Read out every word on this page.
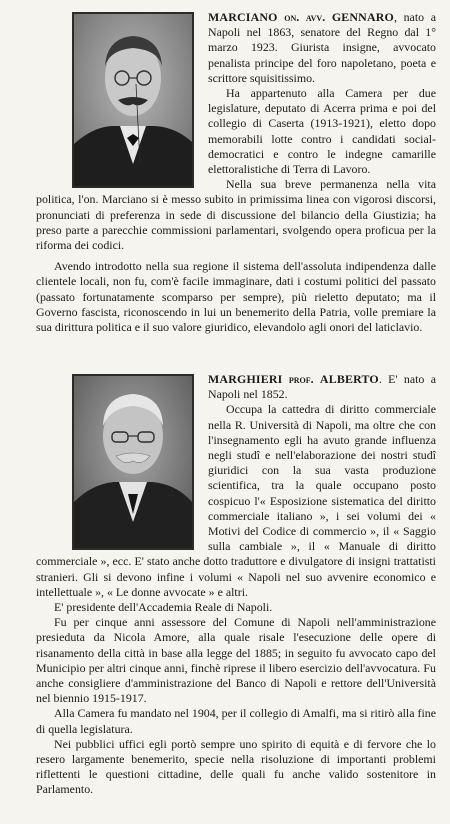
MARCIANO on. avv. GENNARO, nato a Napoli nel 1863, senatore del Regno dal 1° marzo 1923. Giurista insigne, avvocato penalista principe del foro napoletano, poeta e scrittore squisitissimo.

Ha appartenuto alla Camera per due legislature, deputato di Acerra prima e poi del collegio di Caserta (1913-1921), eletto dopo memorabili lotte contro i candidati social-democratici e contro le indegne camarille elettoralistiche di Terra di Lavoro.

Nella sua breve permanenza nella vita politica, l'on. Marciano si è messo subito in primissima linea con vigorosi discorsi, pronunciati di preferenza in sede di discussione del bilancio della Giustizia; ha preso parte a parecchie commissioni parlamentari, svolgendo opera proficua per la riforma dei codici.

Avendo introdotto nella sua regione il sistema dell'assoluta indipendenza dalle clientele locali, non fu, com'è facile immaginare, dati i costumi politici del passato (passato fortunatamente scomparso per sempre), più rieletto deputato; ma il Governo fascista, riconoscendo in lui un benemerito della Patria, volle premiare la sua dirittura politica e il suo valore giuridico, elevandolo agli onori del laticlavio.

MARGHIERI prof. ALBERTO. E' nato a Napoli nel 1852.

Occupa la cattedra di diritto commerciale nella R. Università di Napoli, ma oltre che con l'insegnamento egli ha avuto grande influenza negli studî e nell'elaborazione dei nostri studî giuridici con la sua vasta produzione scientifica, tra la quale occupano posto cospicuo l'« Esposizione sistematica del diritto commerciale italiano », i sei volumi dei « Motivi del Codice di commercio », il « Saggio sulla cambiale », il « Manuale di diritto commerciale », ecc. E' stato anche dotto traduttore e divulgatore di insigni trattatisti stranieri. Gli si devono infine i volumi « Napoli nel suo avvenire economico e intellettuale », « Le donne avvocate » e altri.

E' presidente dell'Accademia Reale di Napoli.

Fu per cinque anni assessore del Comune di Napoli nell'amministrazione presieduta da Nicola Amore, alla quale risale l'esecuzione delle opere di risanamento della città in base alla legge del 1885; in seguito fu avvocato capo del Municipio per altri cinque anni, finchè riprese il libero esercizio dell'avvocatura. Fu anche consigliere d'amministrazione del Banco di Napoli e rettore dell'Università nel biennio 1915-1917.

Alla Camera fu mandato nel 1904, per il collegio di Amalfi, ma si ritirò alla fine di quella legislatura.

Nei pubblici uffici egli portò sempre uno spirito di equità e di fervore che lo resero largamente benemerito, specie nella risoluzione di importanti problemi riflettenti le questioni cittadine, delle quali fu anche valido sostenitore in Parlamento.
